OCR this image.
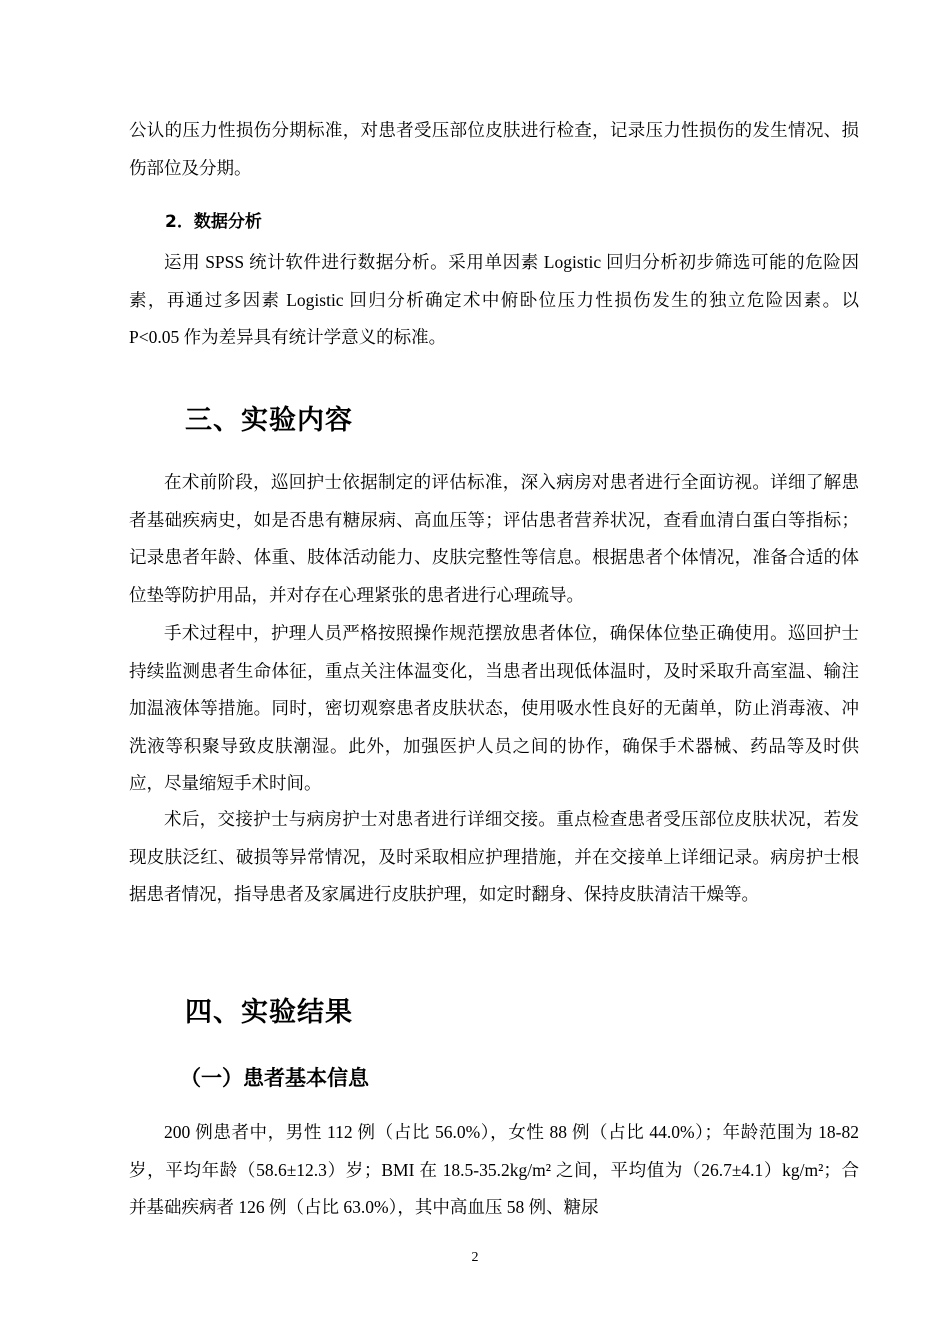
公认的压力性损伤分期标准，对患者受压部位皮肤进行检查，记录压力性损伤的发生情况、损伤部位及分期。

2．数据分析

运用 SPSS 统计软件进行数据分析。采用单因素 Logistic 回归分析初步筛选可能的危险因素，再通过多因素 Logistic 回归分析确定术中俯卧位压力性损伤发生的独立危险因素。以 P<0.05 作为差异具有统计学意义的标准。

三、实验内容

在术前阶段，巡回护士依据制定的评估标准，深入病房对患者进行全面访视。详细了解患者基础疾病史，如是否患有糖尿病、高血压等；评估患者营养状况，查看血清白蛋白等指标；记录患者年龄、体重、肢体活动能力、皮肤完整性等信息。根据患者个体情况，准备合适的体位垫等防护用品，并对存在心理紧张的患者进行心理疏导。

手术过程中，护理人员严格按照操作规范摆放患者体位，确保体位垫正确使用。巡回护士持续监测患者生命体征，重点关注体温变化，当患者出现低体温时，及时采取升高室温、输注加温液体等措施。同时，密切观察患者皮肤状态，使用吸水性良好的无菌单，防止消毒液、冲洗液等积聚导致皮肤潮湿。此外，加强医护人员之间的协作，确保手术器械、药品等及时供应，尽量缩短手术时间。

术后，交接护士与病房护士对患者进行详细交接。重点检查患者受压部位皮肤状况，若发现皮肤泛红、破损等异常情况，及时采取相应护理措施，并在交接单上详细记录。病房护士根据患者情况，指导患者及家属进行皮肤护理，如定时翻身、保持皮肤清洁干燥等。

四、实验结果
（一）患者基本信息

200 例患者中，男性 112 例（占比 56.0%），女性 88 例（占比 44.0%）；年龄范围为 18-82 岁，平均年龄（58.6±12.3）岁；BMI 在 18.5-35.2kg/m² 之间，平均值为（26.7±4.1）kg/m²；合并基础疾病者 126 例（占比 63.0%），其中高血压 58 例、糖尿

2
